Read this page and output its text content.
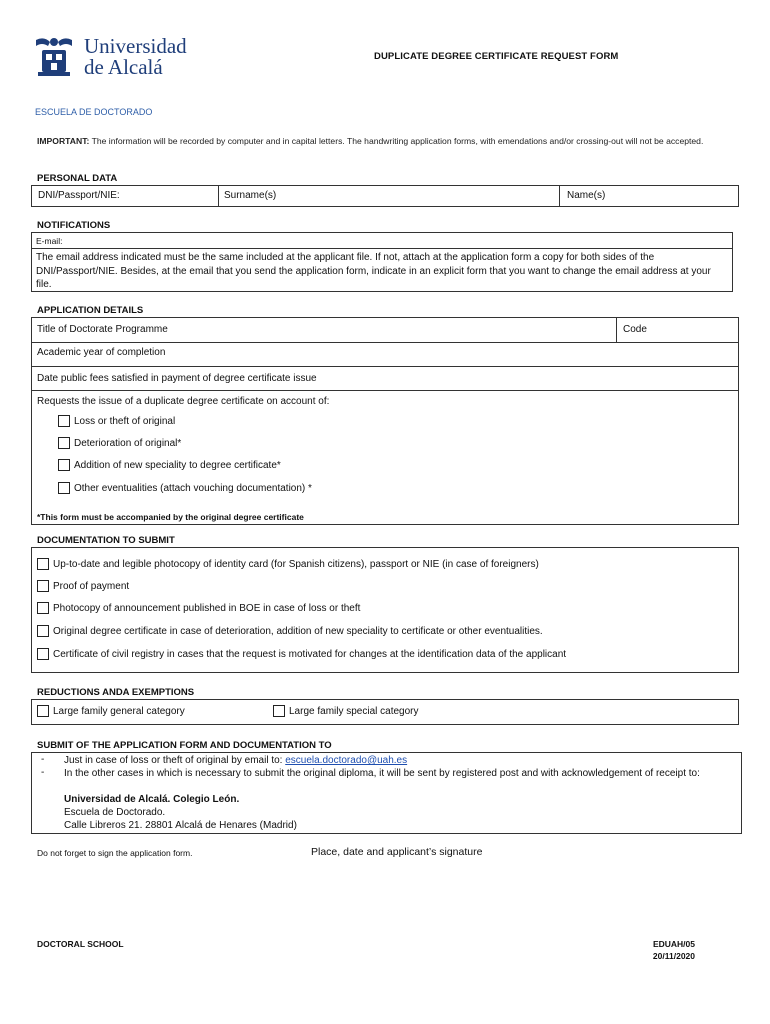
Universidad
de Alcalá	DUPLICATE DEGREE CERTIFICATE REQUEST FORM
ESCUELA DE DOCTORADO
IMPORTANT: The information will be recorded by computer and in capital letters. The handwriting application forms, with emendations and/or crossing-out will not be accepted.
PERSONAL DATA
DNI/Passport/NIE:	Surname(s)	Name(s)
NOTIFICATIONS
E-mail:
The email address indicated must be the same included at the applicant file. If not, attach at the application form a copy for both sides of the DNI/Passport/NIE. Besides, at the email that you send the application form, indicate in an explicit form that you want to change the email address at your file.
APPLICATION DETAILS
Title of Doctorate Programme	Code
Academic year of completion
Date public fees satisfied in payment of degree certificate issue
Requests the issue of a duplicate degree certificate on account of:
Loss or theft of original
Deterioration of original*
Addition of new speciality to degree certificate*
Other eventualities (attach vouching documentation) *
*This form must be accompanied by the original degree certificate
DOCUMENTATION TO SUBMIT
Up-to-date and legible photocopy of identity card (for Spanish citizens), passport or NIE (in case of foreigners)
Proof of payment
Photocopy of announcement published in BOE in case of loss or theft
Original degree certificate in case of deterioration, addition of new speciality to certificate or other eventualities.
Certificate of civil registry in cases that the request is motivated for changes at the identification data of the applicant
REDUCTIONS ANDA EXEMPTIONS
Large family general category	Large family special category
SUBMIT OF THE APPLICATION FORM AND DOCUMENTATION TO
- Just in case of loss or theft of original by email to: escuela.doctorado@uah.es
- In the other cases in which is necessary to submit the original diploma, it will be sent by registered post and with acknowledgement of receipt to:
Universidad de Alcalá. Colegio León.
Escuela de Doctorado.
Calle Libreros 21. 28801 Alcalá de Henares (Madrid)
Do not forget to sign the application form.	Place, date and applicant’s signature
DOCTORAL SCHOOL	EDUAH/05
20/11/2020
